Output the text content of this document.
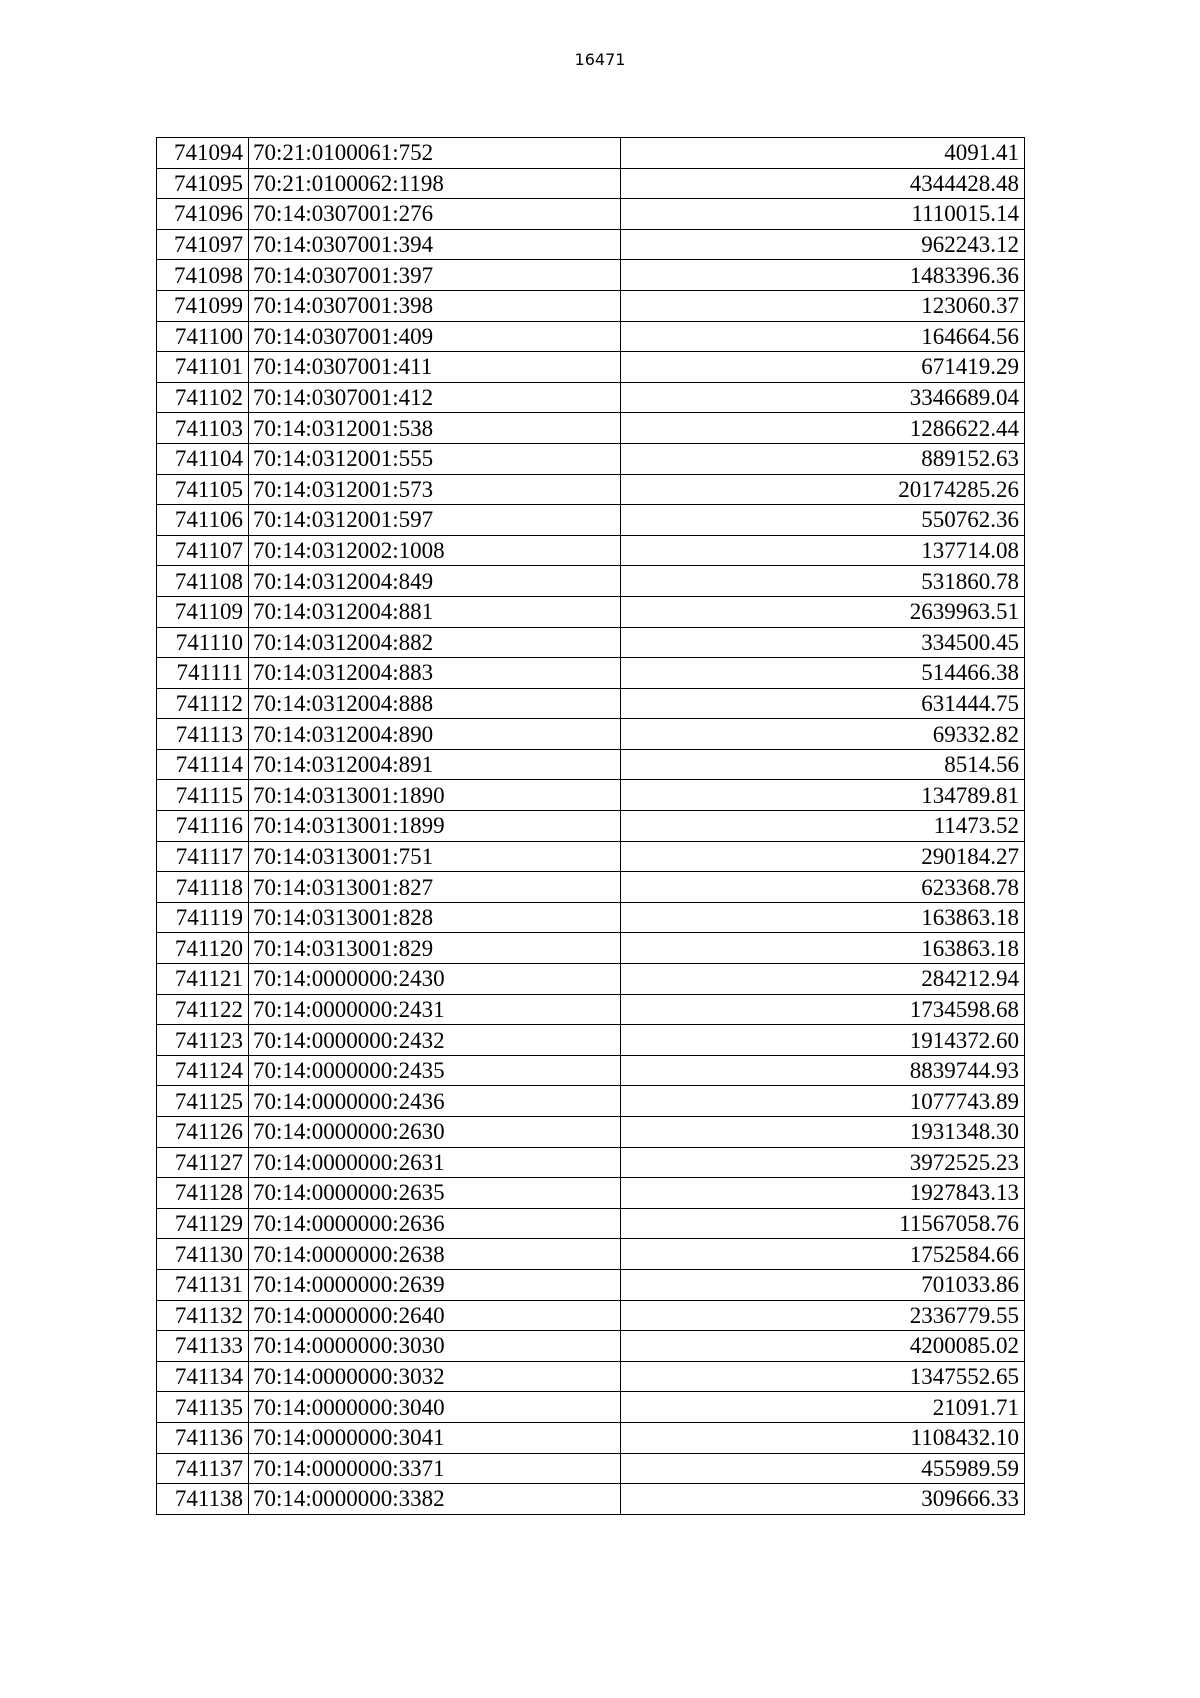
16471
741094	70:21:0100061:752	4091.41
741095	70:21:0100062:1198	4344428.48
741096	70:14:0307001:276	1110015.14
741097	70:14:0307001:394	962243.12
741098	70:14:0307001:397	1483396.36
741099	70:14:0307001:398	123060.37
741100	70:14:0307001:409	164664.56
741101	70:14:0307001:411	671419.29
741102	70:14:0307001:412	3346689.04
741103	70:14:0312001:538	1286622.44
741104	70:14:0312001:555	889152.63
741105	70:14:0312001:573	20174285.26
741106	70:14:0312001:597	550762.36
741107	70:14:0312002:1008	137714.08
741108	70:14:0312004:849	531860.78
741109	70:14:0312004:881	2639963.51
741110	70:14:0312004:882	334500.45
741111	70:14:0312004:883	514466.38
741112	70:14:0312004:888	631444.75
741113	70:14:0312004:890	69332.82
741114	70:14:0312004:891	8514.56
741115	70:14:0313001:1890	134789.81
741116	70:14:0313001:1899	11473.52
741117	70:14:0313001:751	290184.27
741118	70:14:0313001:827	623368.78
741119	70:14:0313001:828	163863.18
741120	70:14:0313001:829	163863.18
741121	70:14:0000000:2430	284212.94
741122	70:14:0000000:2431	1734598.68
741123	70:14:0000000:2432	1914372.60
741124	70:14:0000000:2435	8839744.93
741125	70:14:0000000:2436	1077743.89
741126	70:14:0000000:2630	1931348.30
741127	70:14:0000000:2631	3972525.23
741128	70:14:0000000:2635	1927843.13
741129	70:14:0000000:2636	11567058.76
741130	70:14:0000000:2638	1752584.66
741131	70:14:0000000:2639	701033.86
741132	70:14:0000000:2640	2336779.55
741133	70:14:0000000:3030	4200085.02
741134	70:14:0000000:3032	1347552.65
741135	70:14:0000000:3040	21091.71
741136	70:14:0000000:3041	1108432.10
741137	70:14:0000000:3371	455989.59
741138	70:14:0000000:3382	309666.33
